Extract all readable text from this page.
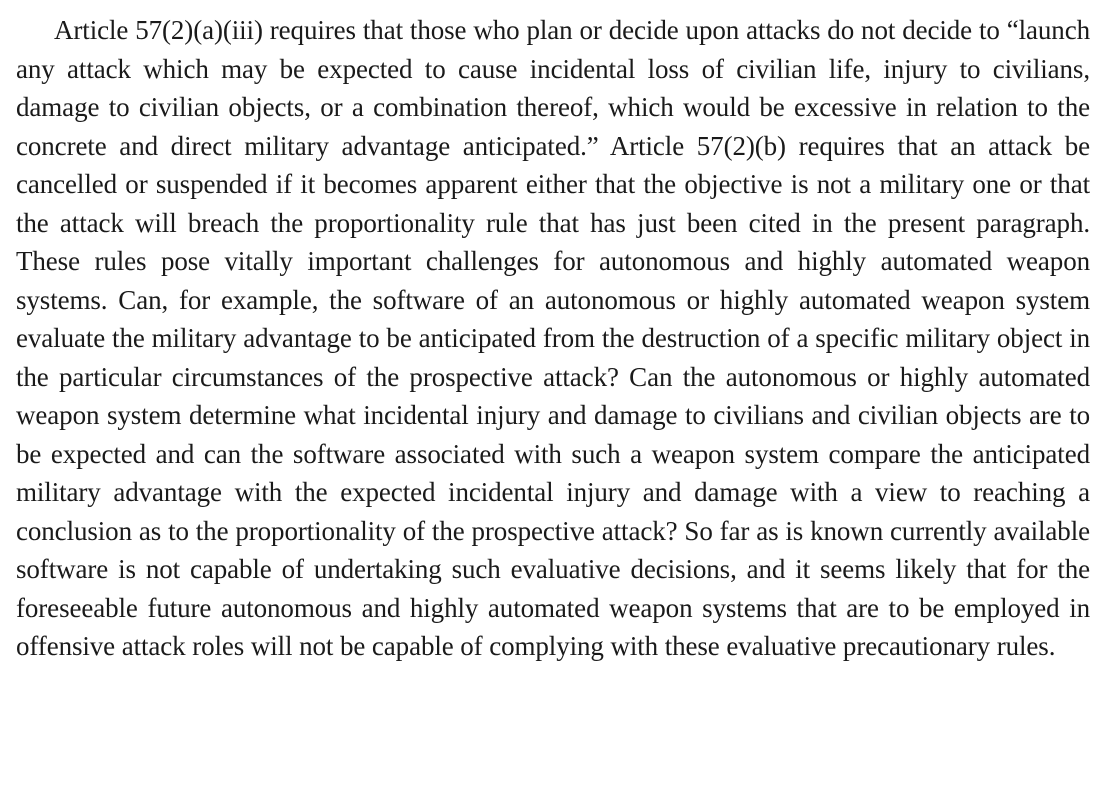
Article 57(2)(a)(iii) requires that those who plan or decide upon attacks do not decide to “launch any attack which may be expected to cause incidental loss of civilian life, injury to civilians, damage to civilian objects, or a combination thereof, which would be excessive in relation to the concrete and direct military advantage anticipated.” Article 57(2)(b) requires that an attack be cancelled or suspended if it becomes apparent either that the objective is not a military one or that the attack will breach the proportionality rule that has just been cited in the present paragraph. These rules pose vitally important challenges for autonomous and highly automated weapon systems. Can, for example, the software of an autonomous or highly automated weapon system evaluate the military advantage to be anticipated from the destruction of a specific military object in the particular circumstances of the prospective attack? Can the autonomous or highly automated weapon system determine what incidental injury and damage to civilians and civilian objects are to be expected and can the software associated with such a weapon system compare the anticipated military advantage with the expected incidental injury and damage with a view to reaching a conclusion as to the proportionality of the prospective attack? So far as is known currently available software is not capable of undertaking such evaluative decisions, and it seems likely that for the foreseeable future autonomous and highly automated weapon systems that are to be employed in offensive attack roles will not be capable of complying with these evaluative precautionary rules.
